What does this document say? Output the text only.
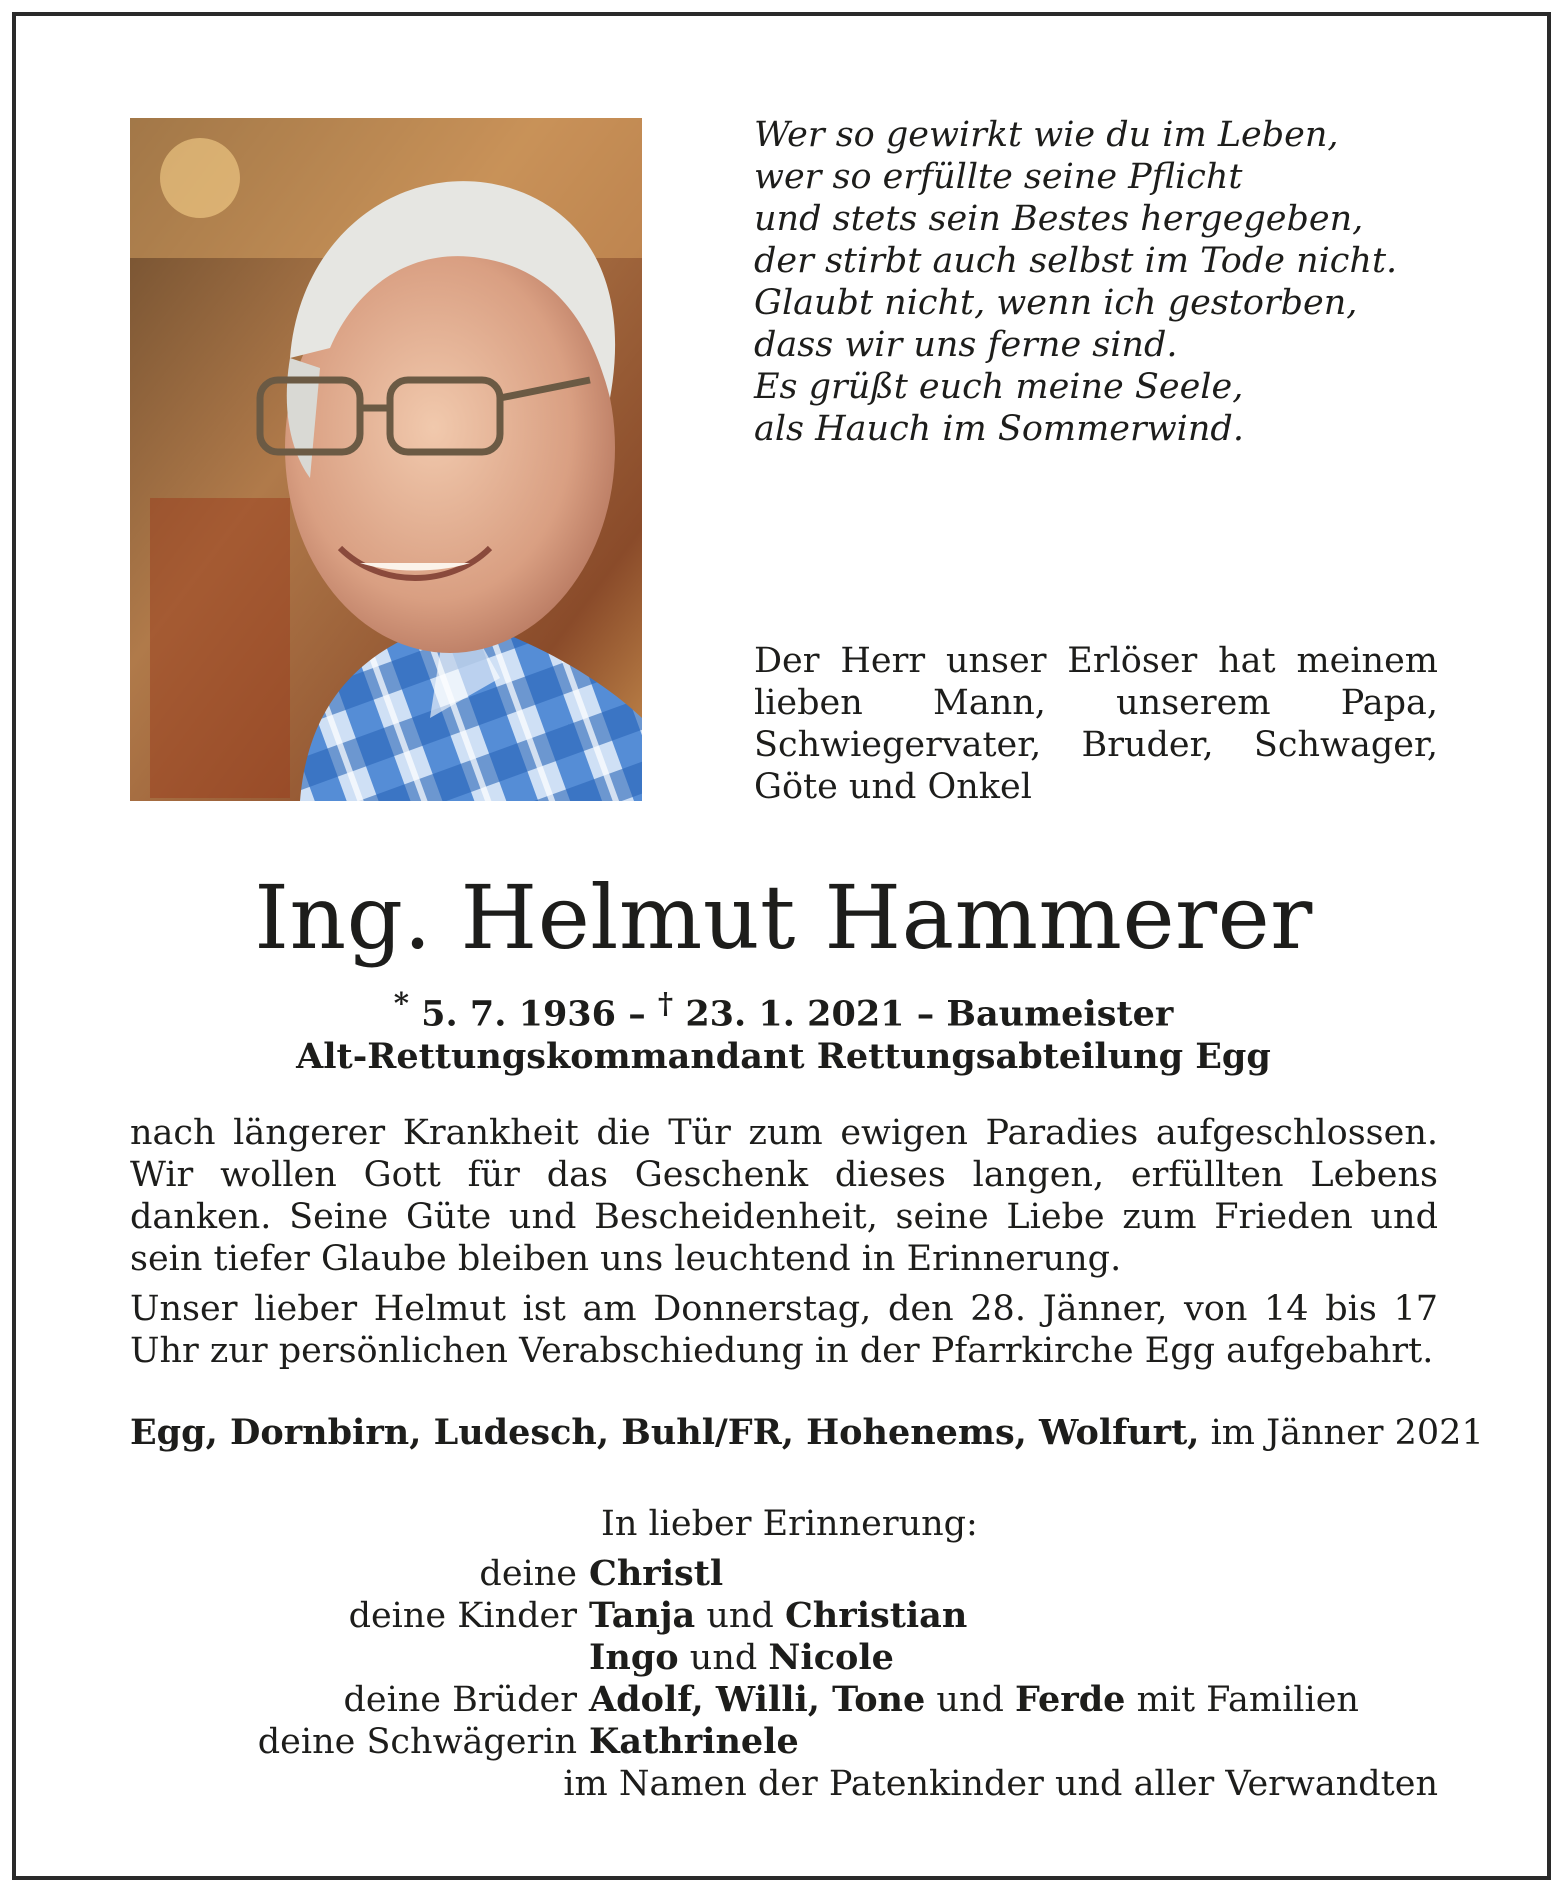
Wer so gewirkt wie du im Leben,
wer so erfüllte seine Pflicht
und stets sein Bestes hergegeben,
der stirbt auch selbst im Tode nicht.
Glaubt nicht, wenn ich gestorben,
dass wir uns ferne sind.
Es grüßt euch meine Seele,
als Hauch im Sommerwind.

Der Herr unser Erlöser hat meinem lieben Mann, unserem Papa, Schwiegervater, Bruder, Schwager, Göte und Onkel

Ing. Helmut Hammerer
* 5. 7. 1936 – † 23. 1. 2021 – Baumeister
Alt-Rettungskommandant Rettungsabteilung Egg

nach längerer Krankheit die Tür zum ewigen Paradies aufgeschlossen. Wir wollen Gott für das Geschenk dieses langen, erfüllten Lebens danken. Seine Güte und Bescheidenheit, seine Liebe zum Frieden und sein tiefer Glaube bleiben uns leuchtend in Erinnerung.

Unser lieber Helmut ist am Donnerstag, den 28. Jänner, von 14 bis 17 Uhr zur persönlichen Verabschiedung in der Pfarrkirche Egg aufgebahrt.

Egg, Dornbirn, Ludesch, Buhl/FR, Hohenems, Wolfurt, im Jänner 2021

In lieber Erinnerung:

deine Christl
deine Kinder Tanja und Christian
Ingo und Nicole
deine Brüder Adolf, Willi, Tone und Ferde mit Familien
deine Schwägerin Kathrinele
im Namen der Patenkinder und aller Verwandten
